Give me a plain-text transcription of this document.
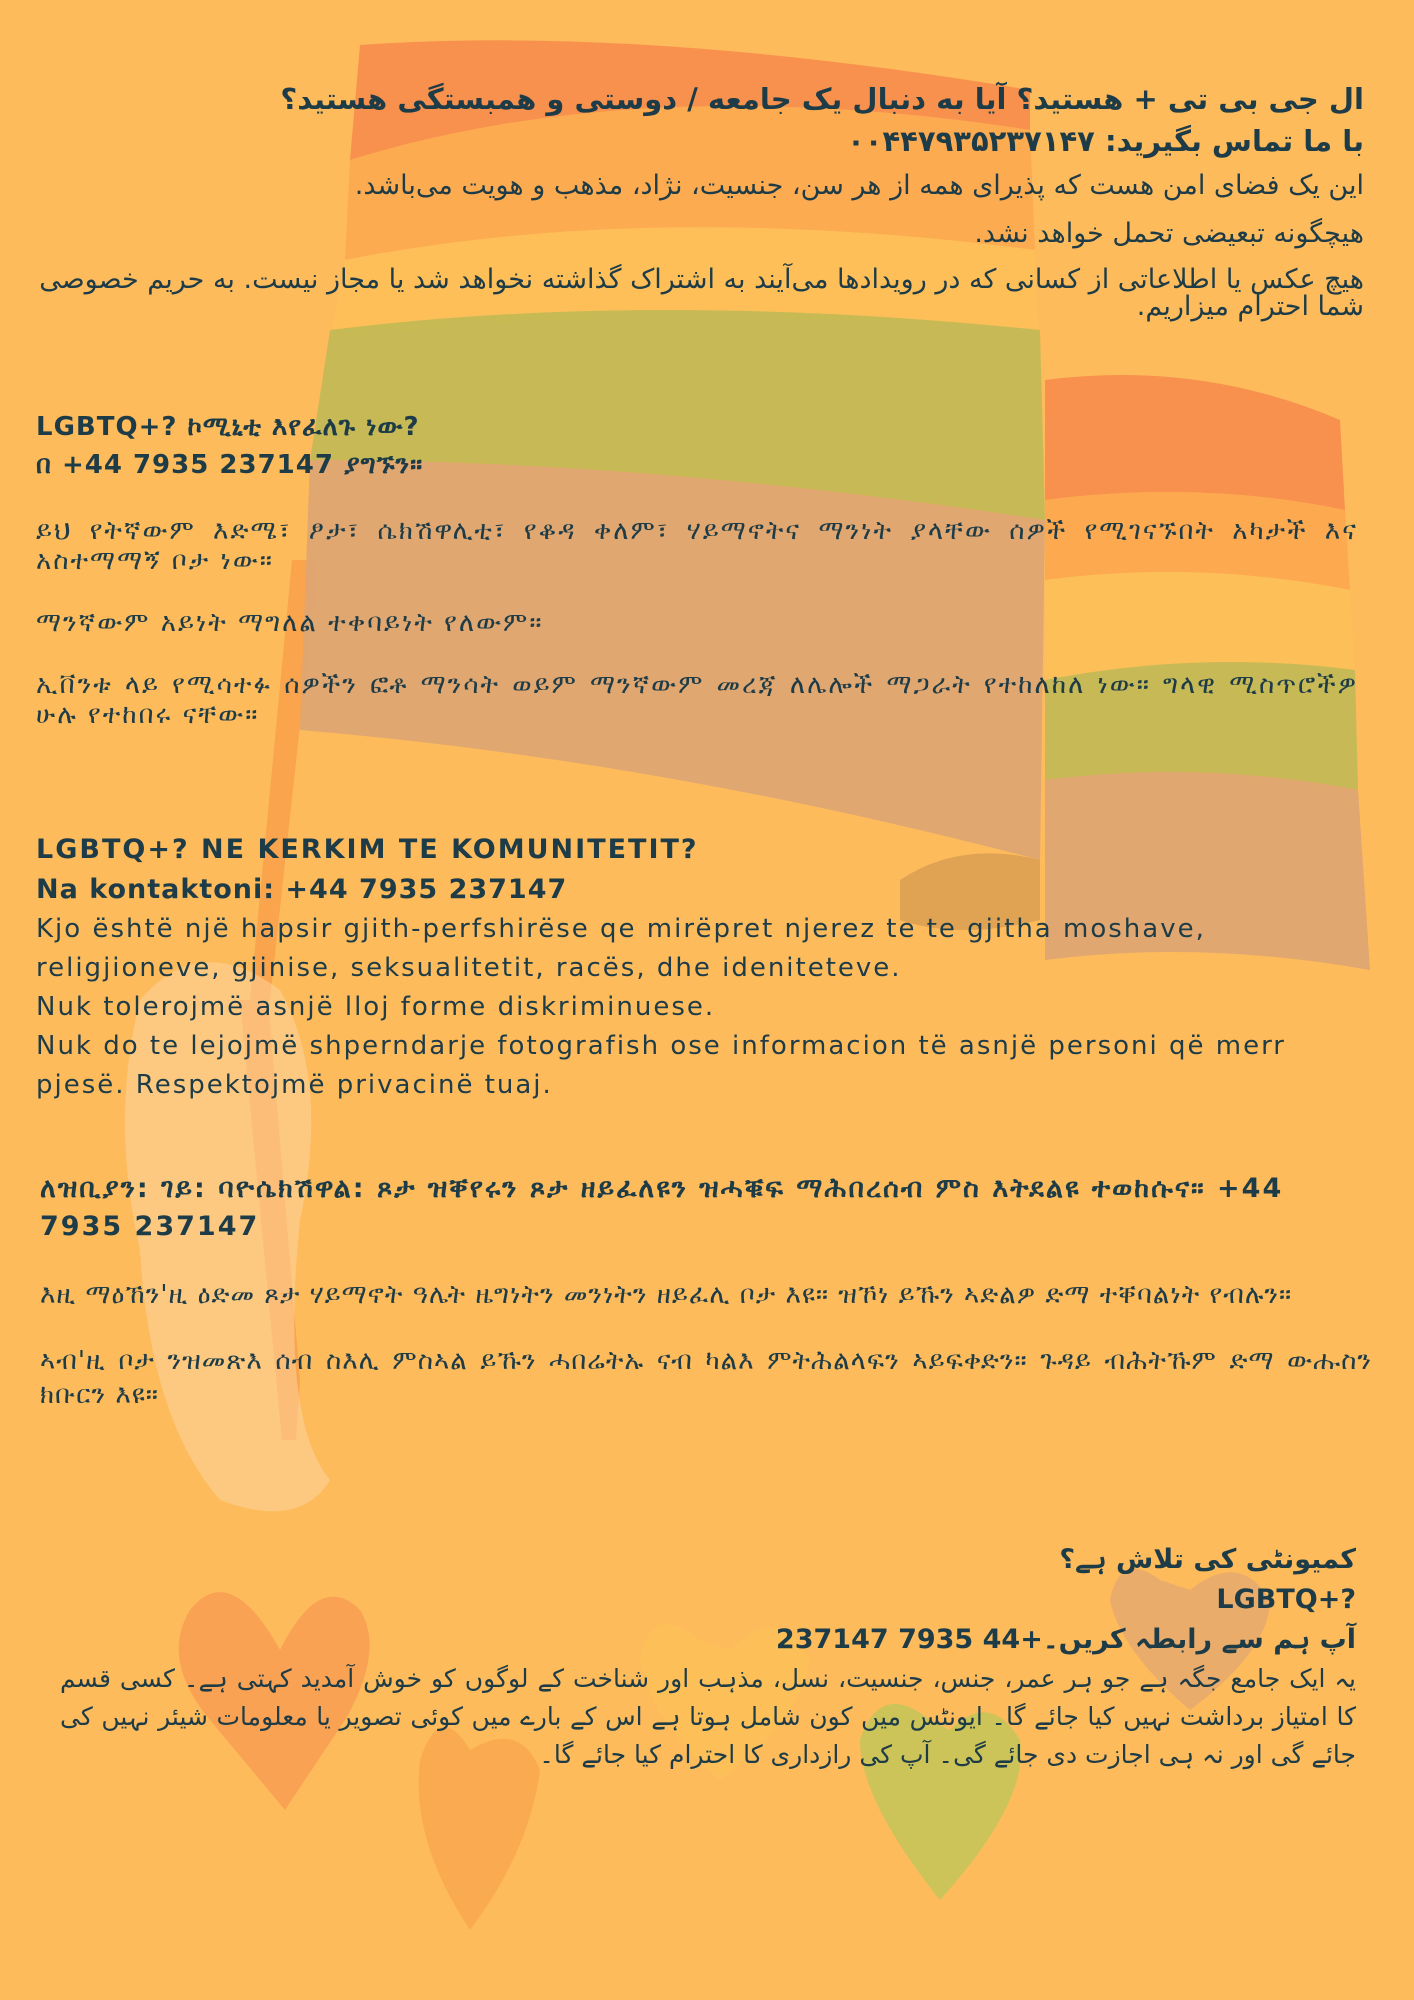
ال جی بی تی + هستید؟ آیا به دنبال یک جامعه / دوستی و همبستگی هستید؟

با ما تماس بگیرید: ۰۰۴۴۷۹۳۵۲۳۷۱۴۷

این یک فضای امن هست که پذیرای همه از هر سن، جنسیت، نژاد، مذهب و هویت می‌باشد.

هیچگونه تبعیضی تحمل خواهد نشد.

هیچ عکس یا اطلاعاتی از کسانی که در رویدادها می‌آیند به اشتراک گذاشته نخواهد شد یا مجاز نیست. به حریم خصوصی شما احترام میزاریم.

LGBTQ+? ኮሚኒቲ እየፈለጉ ነው?

በ +44 7935 237147 ያግኙን።

ይህ የትኛውም እድሜ፣ ፆታ፣ ሴክሽዋሊቲ፣ የቆዳ ቀለም፣ ሃይማኖትና ማንነት ያላቸው ሰዎች የሚገናኙበት አካታች እና አስተማማኝ ቦታ ነው።

ማንኛውም አይነት ማግለል ተቀባይነት የለውም።

ኢቨንቱ ላይ የሚሳተፉ ሰዎችን ፎቶ ማንሳት ወይም ማንኛውም መረጃ ለሌሎች ማጋራት የተከለከለ ነው። ግላዊ ሚስጥሮችዎ ሁሉ የተከበሩ ናቸው።

LGBTQ+? NE KERKIM TE KOMUNITETIT?

Na kontaktoni: +44 7935 237147

Kjo është një hapsir gjith-perfshirëse qe mirëpret njerez te te gjitha moshave, religjioneve, gjinise, seksualitetit, racës, dhe ideniteteve.

Nuk tolerojmë asnjë lloj forme diskriminuese.

Nuk do te lejojmë shperndarje fotografish ose informacion të asnjë personi që merr pjesë. Respektojmë privacinë tuaj.

ለዝቢያን: ገይ: ባዮሴክሽዋል: ጾታ ዝቐየሩን ጾታ ዘይፈለዩን ዝሓቑፍ ማሕበረሰብ ምስ እትደልዩ ተወከሱና። +44 7935 237147

እዚ ማዕኸን'ዚ ዕድመ ጾታ ሃይማኖት ዓሌት ዜግነትን መንነትን ዘይፈሊ ቦታ እዩ። ዝኾነ ይኹን ኣድልዎ ድማ ተቐባልነት የብሉን።

ኣብ'ዚ ቦታ ንዝመጽእ ሰብ ስእሊ ምስኣል ይኹን ሓበሬትኡ ናብ ካልእ ምትሕልላፍን ኣይፍቀድን። ጉዳይ ብሕትኹም ድማ ውሑስን ክቡርን እዩ።

کمیونٹی کی تلاش ہے؟

LGBTQ+?

آپ ہم سے رابطہ کریں۔+44 7935 237147

یہ ایک جامع جگہ ہے جو ہر عمر، جنس، جنسیت، نسل، مذہب اور شناخت کے لوگوں کو خوش آمدید کہتی ہے۔ کسی قسم کا امتیاز برداشت نہیں کیا جائے گا۔ ایونٹس میں کون شامل ہوتا ہے اس کے بارے میں کوئی تصویر یا معلومات شیئر نہیں کی جائے گی اور نہ ہی اجازت دی جائے گی۔ آپ کی رازداری کا احترام کیا جائے گا۔
